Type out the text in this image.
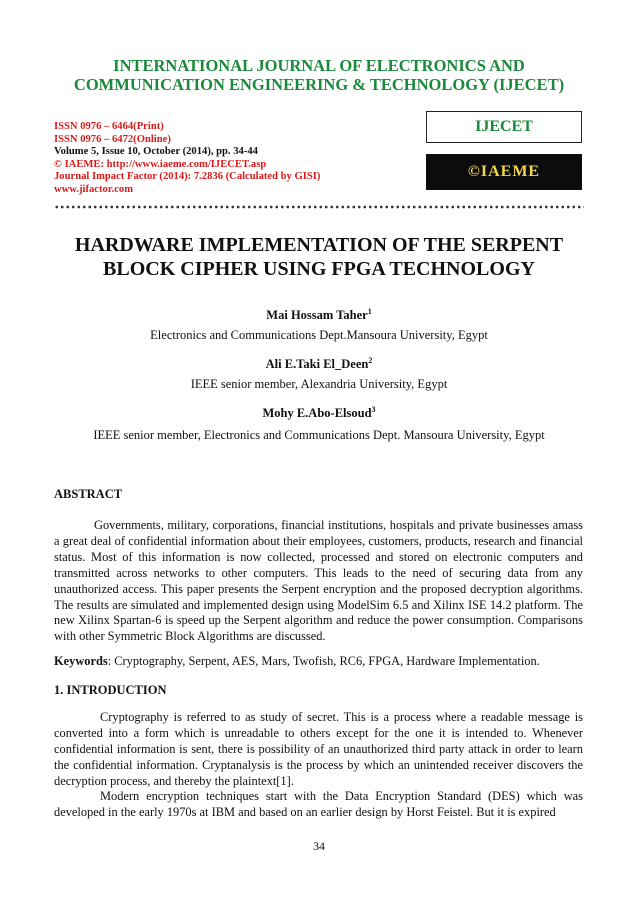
INTERNATIONAL JOURNAL OF ELECTRONICS AND
COMMUNICATION ENGINEERING & TECHNOLOGY (IJECET)
ISSN 0976 – 6464(Print)
ISSN 0976 – 6472(Online)
Volume 5, Issue 10, October (2014), pp. 34-44
© IAEME: http://www.iaeme.com/IJECET.asp
Journal Impact Factor (2014): 7.2836 (Calculated by GISI)
www.jifactor.com
IJECET
©IAEME
HARDWARE IMPLEMENTATION OF THE SERPENT
BLOCK CIPHER USING FPGA TECHNOLOGY
Mai Hossam Taher$^1$
Electronics and Communications Dept.Mansoura University, Egypt
Ali E.Taki El_Deen$^2$
IEEE senior member, Alexandria University, Egypt
Mohy E.Abo-Elsoud$^3$
IEEE senior member, Electronics and Communications Dept. Mansoura University, Egypt
ABSTRACT

Governments, military, corporations, financial institutions, hospitals and private businesses amass a great deal of confidential information about their employees, customers, products, research and financial status. Most of this information is now collected, processed and stored on electronic computers and transmitted across networks to other computers. This leads to the need of securing data from any unauthorized access. This paper presents the Serpent encryption and the proposed decryption algorithms. The results are simulated and implemented design using ModelSim 6.5 and Xilinx ISE 14.2 platform. The new Xilinx Spartan-6 is speed up the Serpent algorithm and reduce the power consumption. Comparisons with other Symmetric Block Algorithms are discussed.

Keywords: Cryptography, Serpent, AES, Mars, Twofish, RC6, FPGA, Hardware Implementation.
1. INTRODUCTION

Cryptography is referred to as study of secret. This is a process where a readable message is converted into a form which is unreadable to others except for the one it is intended to. Whenever confidential information is sent, there is possibility of an unauthorized third party attack in order to learn the confidential information. Cryptanalysis is the process by which an unintended receiver discovers the decryption process, and thereby the plaintext[1].

Modern encryption techniques start with the Data Encryption Standard (DES) which was developed in the early 1970s at IBM and based on an earlier design by Horst Feistel. But it is expired

34
